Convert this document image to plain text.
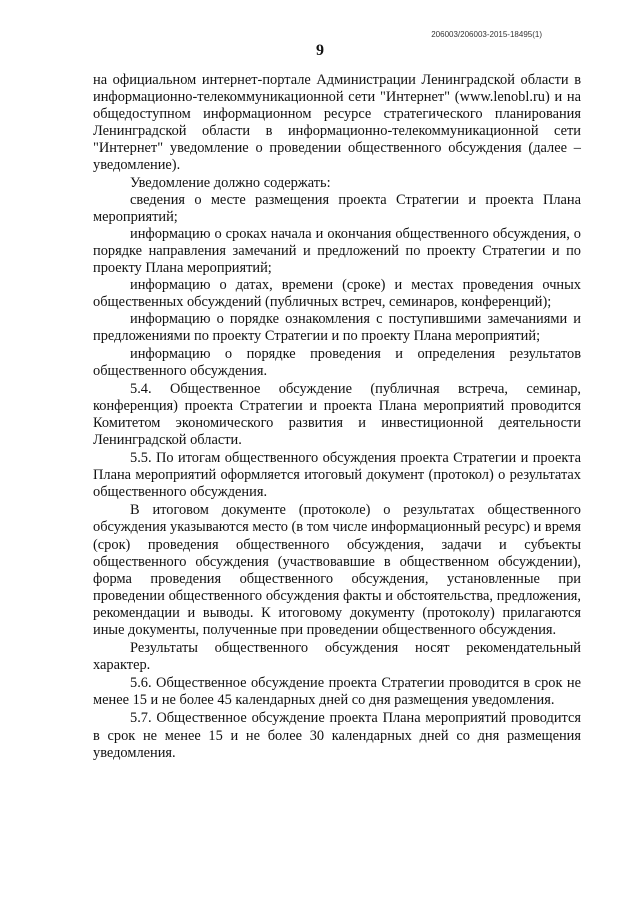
206003/206003-2015-18495(1)
9

на официальном интернет-портале Администрации Ленинградской области в информационно-телекоммуникационной сети "Интернет" (www.lenobl.ru) и на общедоступном информационном ресурсе стратегического планирования Ленинградской области в информационно-телекоммуникационной сети "Интернет" уведомление о проведении общественного обсуждения (далее – уведомление).

Уведомление должно содержать:

сведения о месте размещения проекта Стратегии и проекта Плана мероприятий;

информацию о сроках начала и окончания общественного обсуждения, о порядке направления замечаний и предложений по проекту Стратегии и по проекту Плана мероприятий;

информацию о датах, времени (сроке) и местах проведения очных общественных обсуждений (публичных встреч, семинаров, конференций);

информацию о порядке ознакомления с поступившими замечаниями и предложениями по проекту Стратегии и по проекту Плана мероприятий;

информацию о порядке проведения и определения результатов общественного обсуждения.

5.4. Общественное обсуждение (публичная встреча, семинар, конференция) проекта Стратегии и проекта Плана мероприятий проводится Комитетом экономического развития и инвестиционной деятельности Ленинградской области.

5.5. По итогам общественного обсуждения проекта Стратегии и проекта Плана мероприятий оформляется итоговый документ (протокол) о результатах общественного обсуждения.

В итоговом документе (протоколе) о результатах общественного обсуждения указываются место (в том числе информационный ресурс) и время (срок) проведения общественного обсуждения, задачи и субъекты общественного обсуждения (участвовавшие в общественном обсуждении), форма проведения общественного обсуждения, установленные при проведении общественного обсуждения факты и обстоятельства, предложения, рекомендации и выводы. К итоговому документу (протоколу) прилагаются иные документы, полученные при проведении общественного обсуждения.

Результаты общественного обсуждения носят рекомендательный характер.

5.6. Общественное обсуждение проекта Стратегии проводится в срок не менее 15 и не более 45 календарных дней со дня размещения уведомления.

5.7. Общественное обсуждение проекта Плана мероприятий проводится в срок не менее 15 и не более 30 календарных дней со дня размещения уведомления.
